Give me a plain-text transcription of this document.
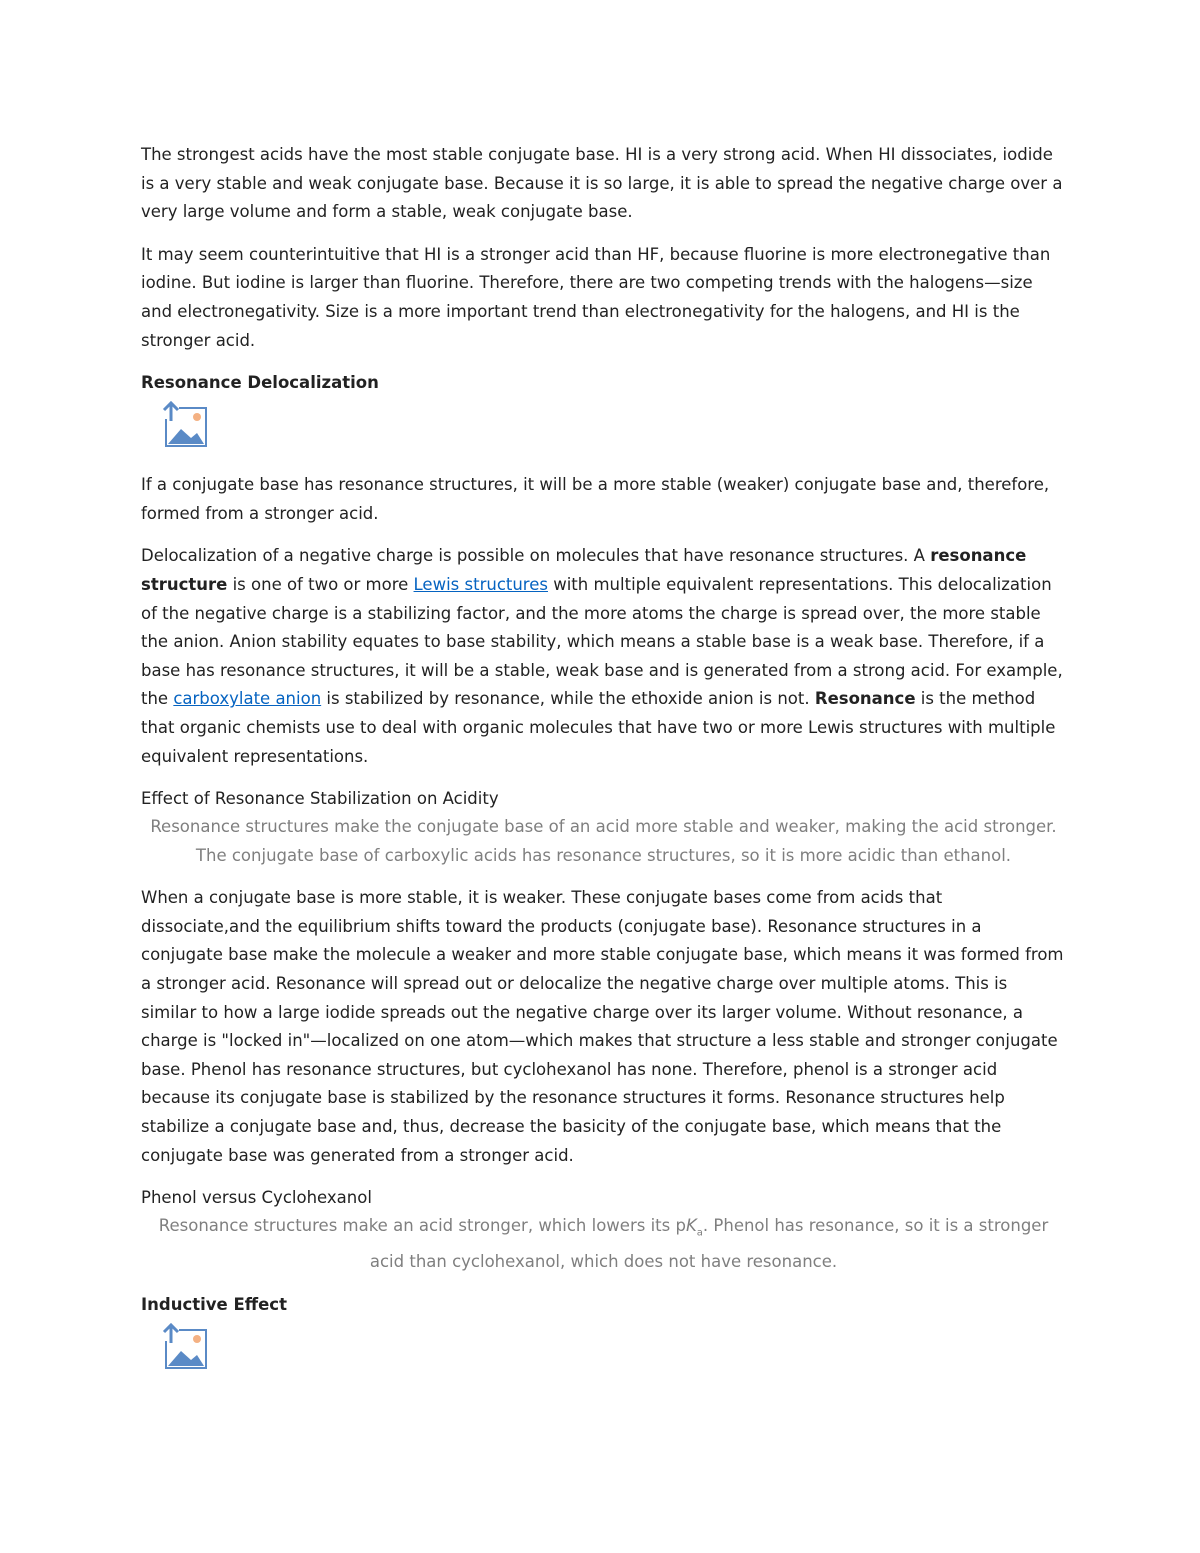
The strongest acids have the most stable conjugate base. HI is a very strong acid. When HI dissociates, iodide is a very stable and weak conjugate base. Because it is so large, it is able to spread the negative charge over a very large volume and form a stable, weak conjugate base.

It may seem counterintuitive that HI is a stronger acid than HF, because fluorine is more electronegative than iodine. But iodine is larger than fluorine. Therefore, there are two competing trends with the halogens—size and electronegativity. Size is a more important trend than electronegativity for the halogens, and HI is the stronger acid.

Resonance Delocalization

If a conjugate base has resonance structures, it will be a more stable (weaker) conjugate base and, therefore, formed from a stronger acid.

Delocalization of a negative charge is possible on molecules that have resonance structures. A resonance structure is one of two or more Lewis structures with multiple equivalent representations. This delocalization of the negative charge is a stabilizing factor, and the more atoms the charge is spread over, the more stable the anion. Anion stability equates to base stability, which means a stable base is a weak base. Therefore, if a base has resonance structures, it will be a stable, weak base and is generated from a strong acid. For example, the carboxylate anion is stabilized by resonance, while the ethoxide anion is not. Resonance is the method that organic chemists use to deal with organic molecules that have two or more Lewis structures with multiple equivalent representations.

Effect of Resonance Stabilization on Acidity

Resonance structures make the conjugate base of an acid more stable and weaker, making the acid stronger. The conjugate base of carboxylic acids has resonance structures, so it is more acidic than ethanol.

When a conjugate base is more stable, it is weaker. These conjugate bases come from acids that dissociate,and the equilibrium shifts toward the products (conjugate base). Resonance structures in a conjugate base make the molecule a weaker and more stable conjugate base, which means it was formed from a stronger acid. Resonance will spread out or delocalize the negative charge over multiple atoms. This is similar to how a large iodide spreads out the negative charge over its larger volume. Without resonance, a charge is "locked in"—localized on one atom—which makes that structure a less stable and stronger conjugate base. Phenol has resonance structures, but cyclohexanol has none. Therefore, phenol is a stronger acid because its conjugate base is stabilized by the resonance structures it forms. Resonance structures help stabilize a conjugate base and, thus, decrease the basicity of the conjugate base, which means that the conjugate base was generated from a stronger acid.

Phenol versus Cyclohexanol

Resonance structures make an acid stronger, which lowers its $pK_a$. Phenol has resonance, so it is a stronger acid than cyclohexanol, which does not have resonance.

Inductive Effect
